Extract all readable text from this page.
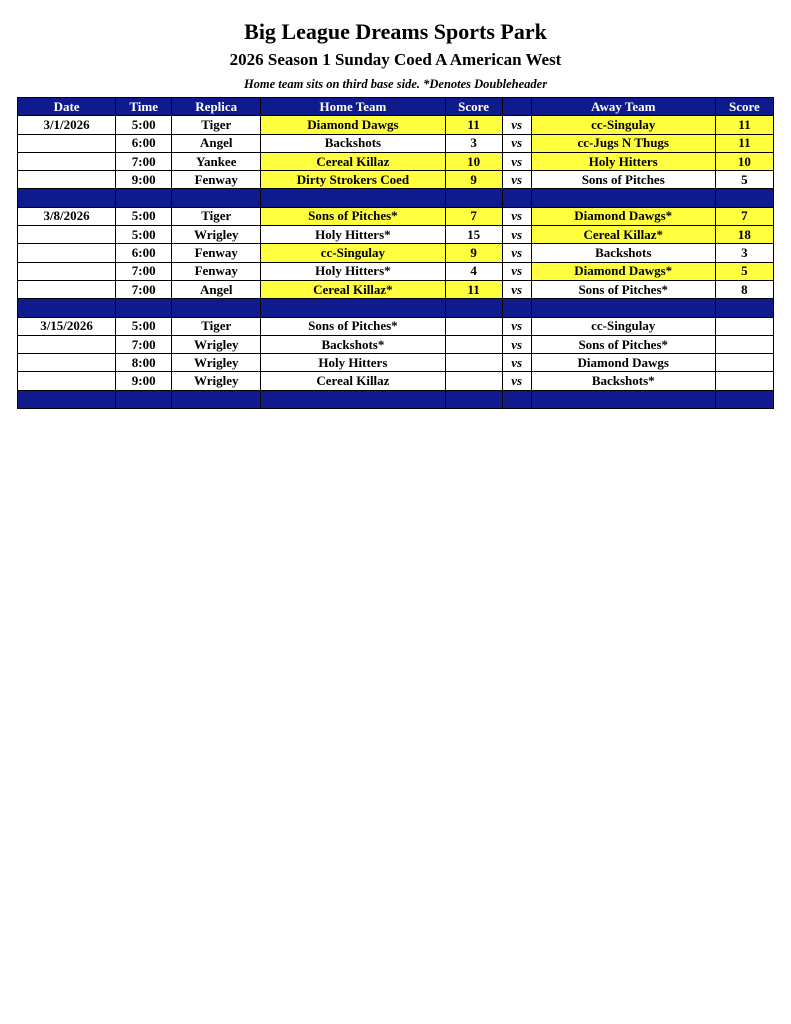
Big League Dreams Sports Park
2026 Season 1 Sunday Coed A American West
Home team sits on third base side. *Denotes Doubleheader
Date	Time	Replica	Home Team	Score		Away Team	Score
3/1/2026	5:00	Tiger	Diamond Dawgs	11	vs	cc-Singulay	11
	6:00	Angel	Backshots	3	vs	cc-Jugs N Thugs	11
	7:00	Yankee	Cereal Killaz	10	vs	Holy Hitters	10
	9:00	Fenway	Dirty Strokers Coed	9	vs	Sons of Pitches	5

3/8/2026	5:00	Tiger	Sons of Pitches*	7	vs	Diamond Dawgs*	7
	5:00	Wrigley	Holy Hitters*	15	vs	Cereal Killaz*	18
	6:00	Fenway	cc-Singulay	9	vs	Backshots	3
	7:00	Fenway	Holy Hitters*	4	vs	Diamond Dawgs*	5
	7:00	Angel	Cereal Killaz*	11	vs	Sons of Pitches*	8

3/15/2026	5:00	Tiger	Sons of Pitches*		vs	cc-Singulay	
	7:00	Wrigley	Backshots*		vs	Sons of Pitches*	
	8:00	Wrigley	Holy Hitters		vs	Diamond Dawgs	
	9:00	Wrigley	Cereal Killaz		vs	Backshots*	
